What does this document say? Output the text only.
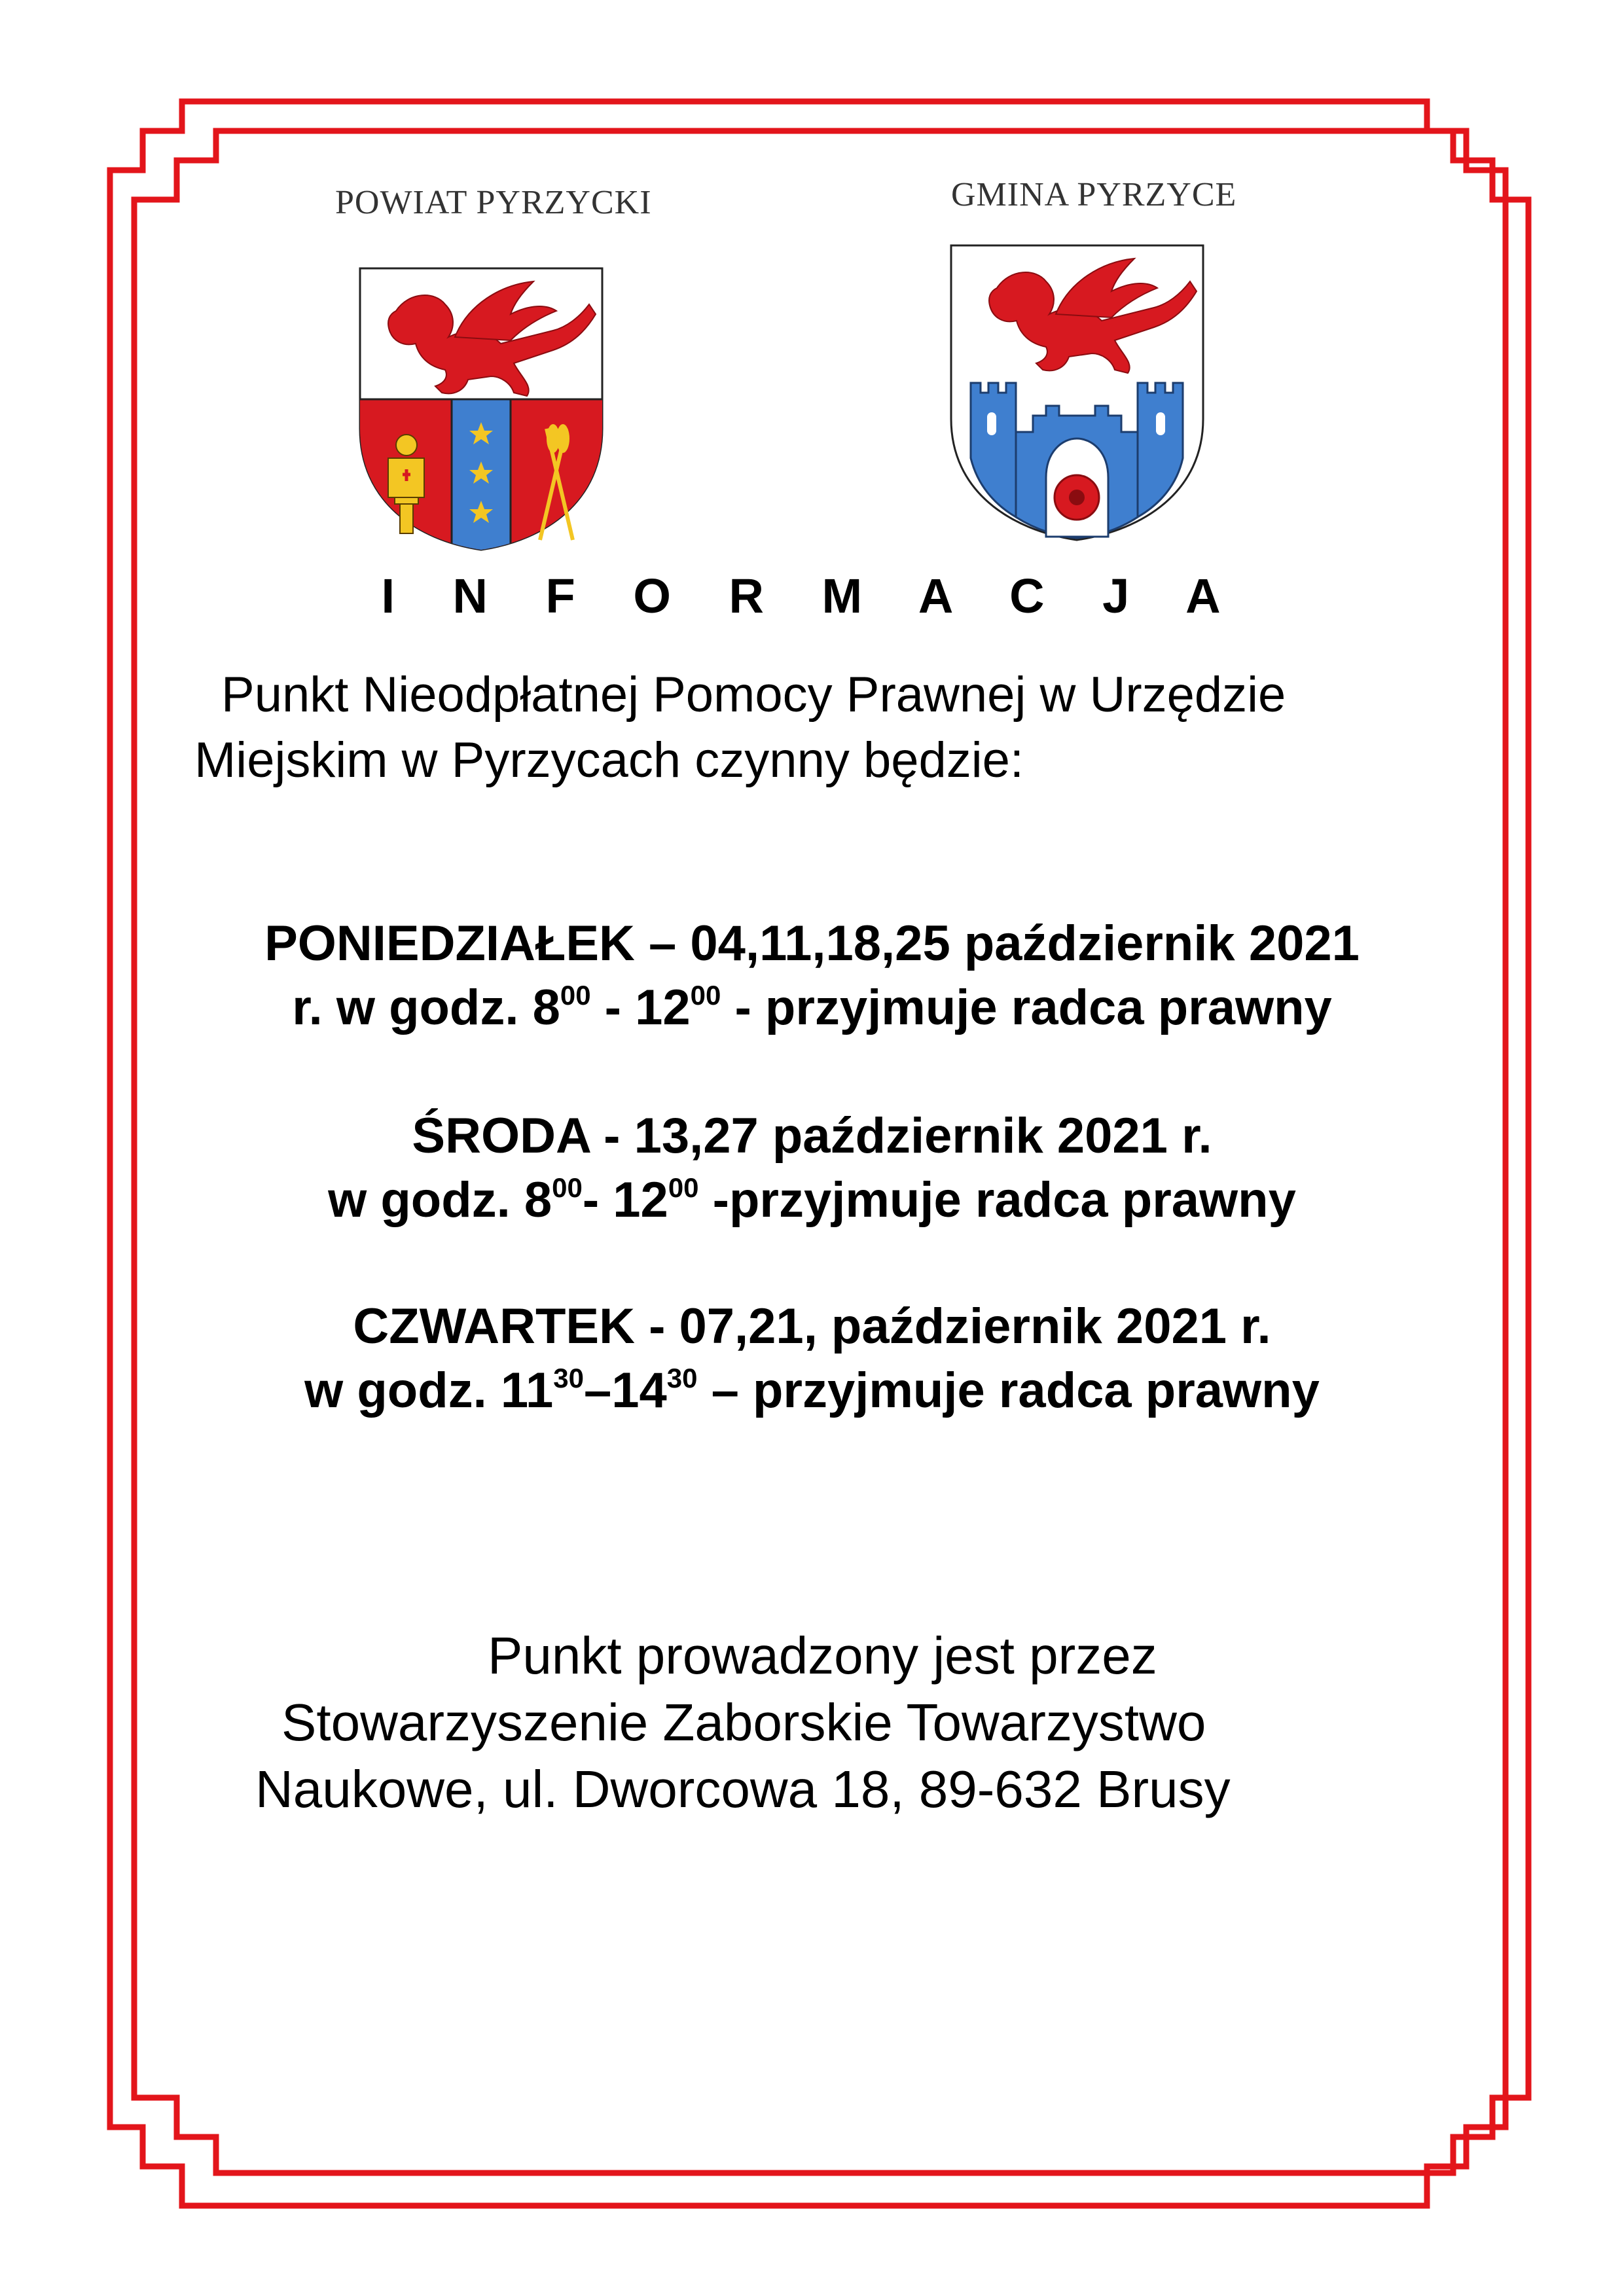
POWIAT PYRZYCKI	GMINA PYRZYCE
I N F O R M A C J A
Punkt Nieodpłatnej Pomocy Prawnej w Urzędzie
Miejskim w Pyrzycach czynny będzie:
PONIEDZIAŁEK – 04,11,18,25 październik 2021
r. w godz. $8^{00} - 12^{00}$ - przyjmuje radca prawny
ŚRODA - 13,27 październik 2021 r.
w godz. $8^{00}-$ $12^{00}$ -przyjmuje radca prawny
CZWARTEK - 07,21, październik 2021 r.
w godz. $11^{30}-14^{30}$ – przyjmuje radca prawny
Punkt prowadzony jest przez
Stowarzyszenie Zaborskie Towarzystwo
Naukowe, ul. Dworcowa 18, 89-632 Brusy
